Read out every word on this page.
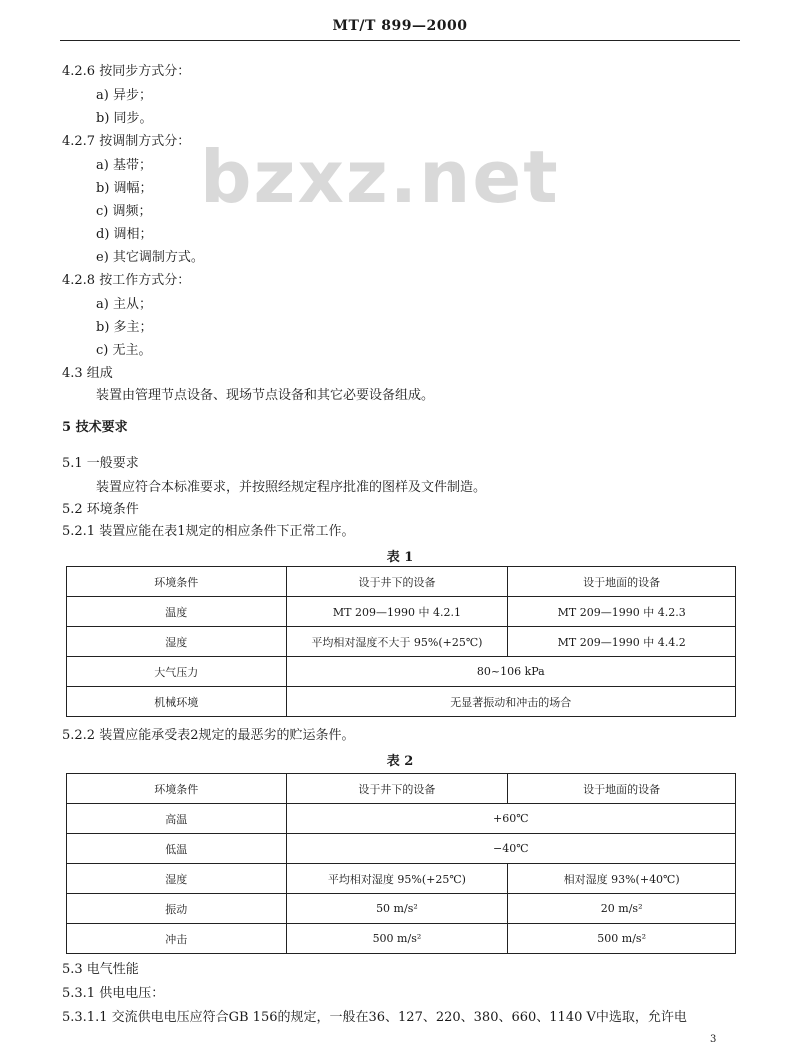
MT/T 899—2000
bzxz.net
4.2.6 按同步方式分：
a) 异步；
b) 同步。
4.2.7 按调制方式分：
a) 基带；
b) 调幅；
c) 调频；
d) 调相；
e) 其它调制方式。
4.2.8 按工作方式分：
a) 主从；
b) 多主；
c) 无主。
4.3 组成
装置由管理节点设备、现场节点设备和其它必要设备组成。
5 技术要求
5.1 一般要求
装置应符合本标准要求，并按照经规定程序批准的图样及文件制造。
5.2 环境条件
5.2.1 装置应能在表1规定的相应条件下正常工作。
表 1
环境条件	设于井下的设备	设于地面的设备
温度	MT 209—1990 中 4.2.1	MT 209—1990 中 4.2.3
湿度	平均相对湿度不大于 95%(+25℃)	MT 209—1990 中 4.4.2
大气压力	80~106 kPa	
机械环境	无显著振动和冲击的场合	
5.2.2 装置应能承受表2规定的最恶劣的贮运条件。
表 2
环境条件	设于井下的设备	设于地面的设备
高温	+60℃	
低温	−40℃	
湿度	平均相对湿度 95%(+25℃)	相对湿度 93%(+40℃)
振动	50 m/s²	20 m/s²
冲击	500 m/s²	500 m/s²
5.3 电气性能
5.3.1 供电电压：
5.3.1.1 交流供电电压应符合GB 156的规定，一般在36、127、220、380、660、1140 V中选取，允许电
3
